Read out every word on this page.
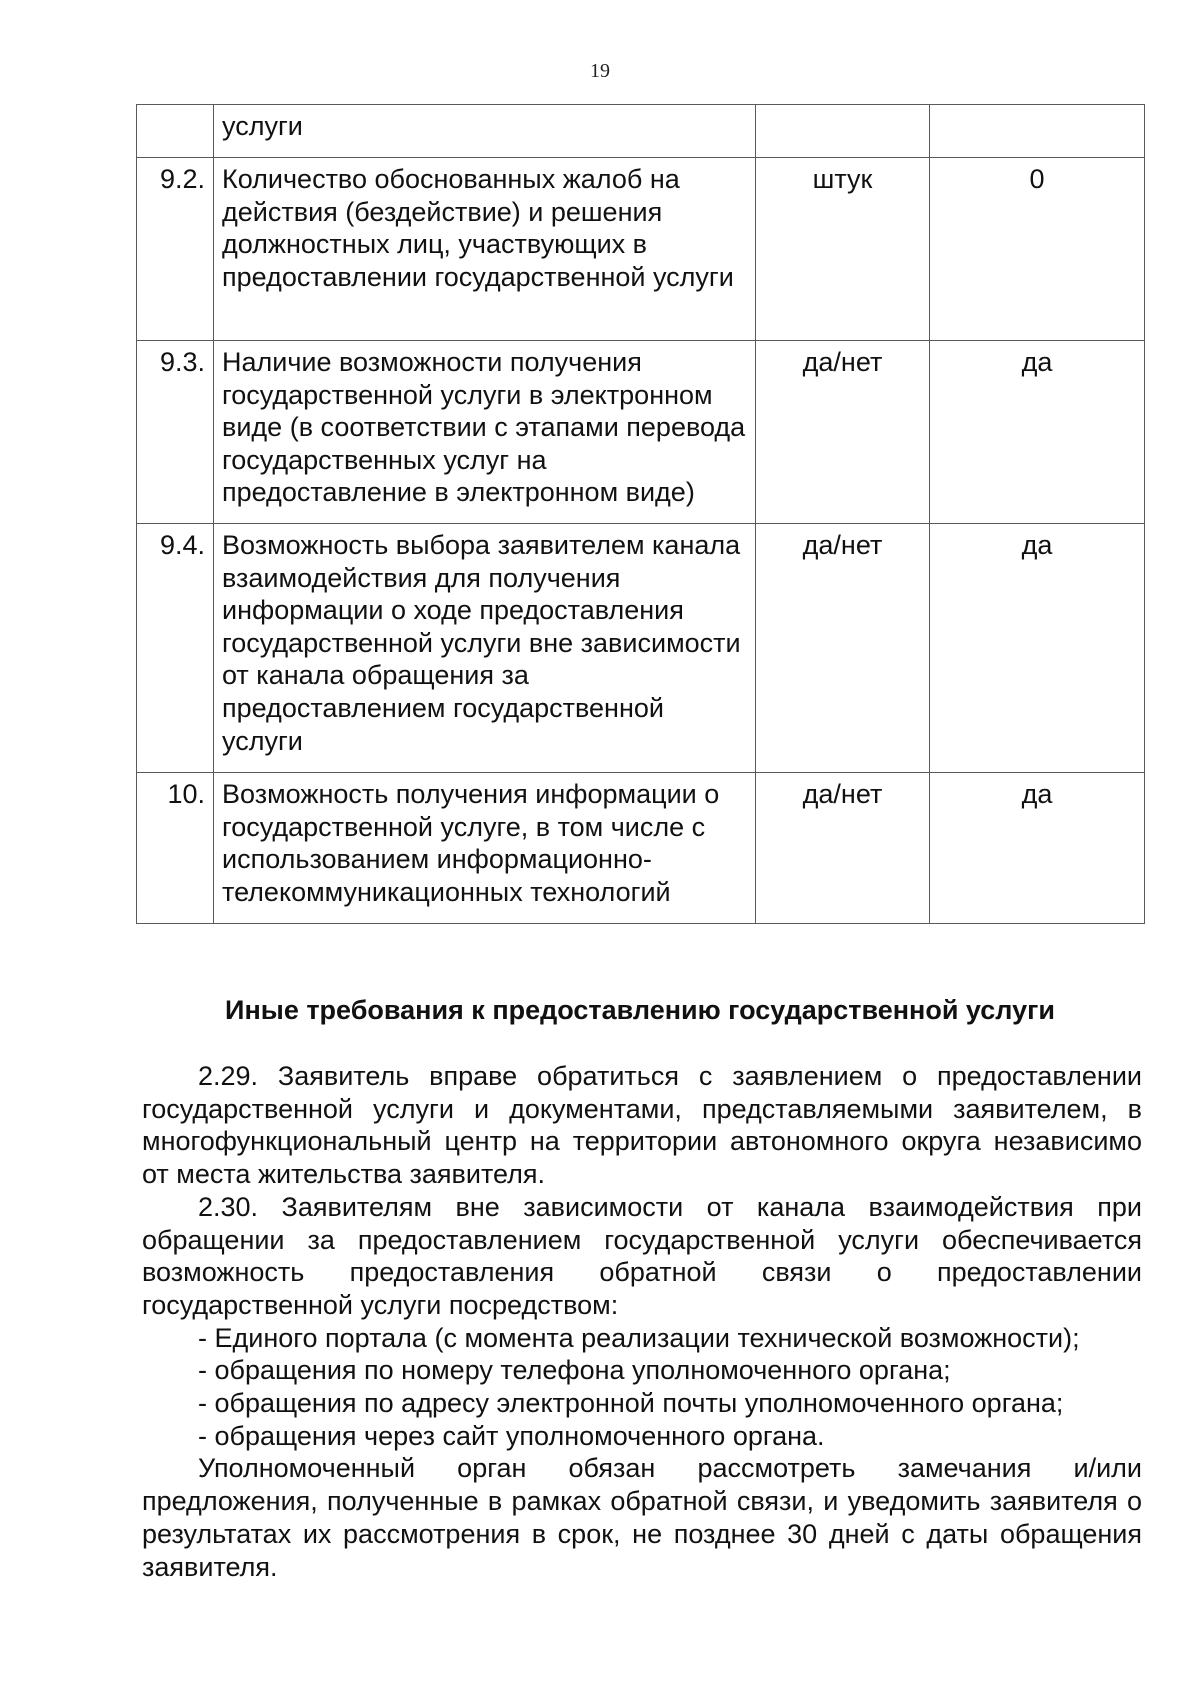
19
	услуги		
9.2.	Количество обоснованных жалоб на действия (бездействие) и решения должностных лиц, участвующих в предоставлении государственной услуги	штук	0
9.3.	Наличие возможности получения государственной услуги в электронном виде (в соответствии с этапами перевода государственных услуг на предоставление в электронном виде)	да/нет	да
9.4.	Возможность выбора заявителем канала взаимодействия для получения информации о ходе предоставления государственной услуги вне зависимости от канала обращения за предоставлением государственной услуги	да/нет	да
10.	Возможность получения информации о государственной услуге, в том числе с использованием информационно-телекоммуникационных технологий	да/нет	да
Иные требования к предоставлению государственной услуги

2.29. Заявитель вправе обратиться с заявлением о предоставлении государственной услуги и документами, представляемыми заявителем, в многофункциональный центр на территории автономного округа независимо от места жительства заявителя.

2.30. Заявителям вне зависимости от канала взаимодействия при обращении за предоставлением государственной услуги обеспечивается возможность предоставления обратной связи о предоставлении государственной услуги посредством:

- Единого портала (с момента реализации технической возможности);

- обращения по номеру телефона уполномоченного органа;

- обращения по адресу электронной почты уполномоченного органа;

- обращения через сайт уполномоченного органа.

Уполномоченный орган обязан рассмотреть замечания и/или предложения, полученные в рамках обратной связи, и уведомить заявителя о результатах их рассмотрения в срок, не позднее 30 дней с даты обращения заявителя.
